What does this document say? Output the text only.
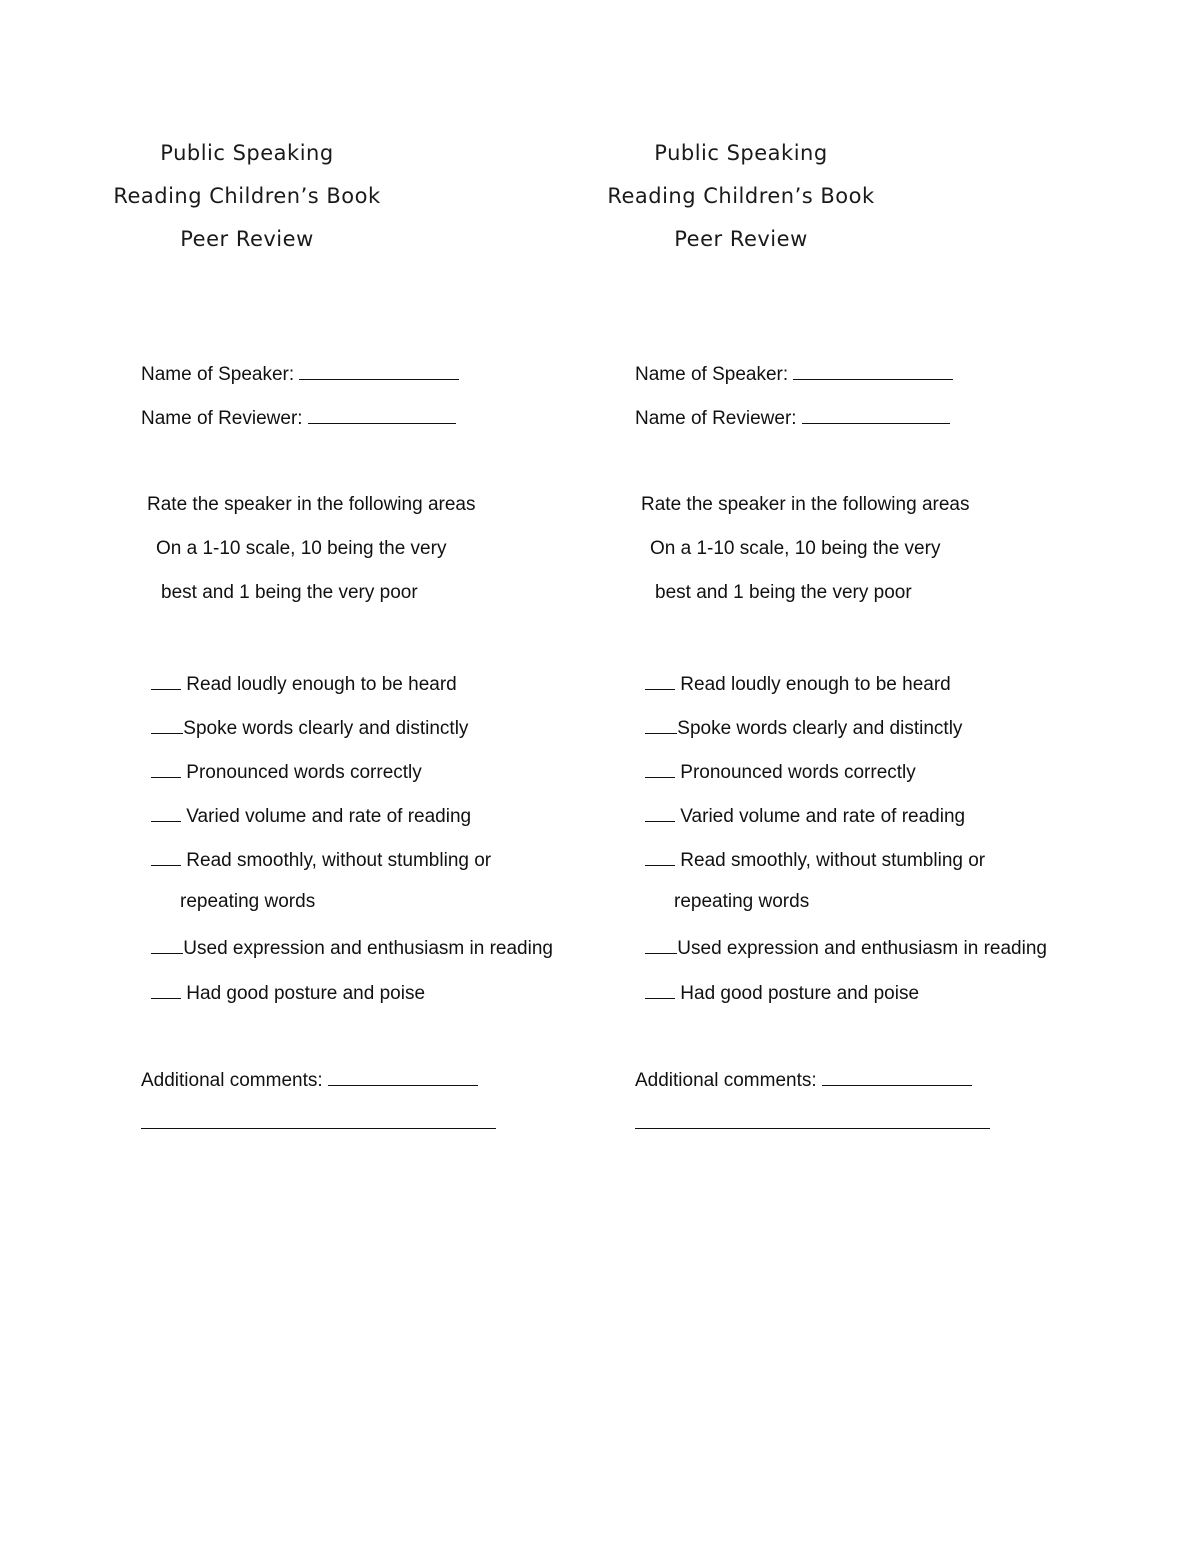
Public Speaking
Reading Children’s Book
Peer Review
Name of Speaker:
Name of Reviewer:
Rate the speaker in the following areas
On a 1-10 scale, 10 being the very
best and 1 being the very poor
Read loudly enough to be heard
Spoke words clearly and distinctly
Pronounced words correctly
Varied volume and rate of reading
Read smoothly, without stumbling or
repeating words
Used expression and enthusiasm in reading
Had good posture and poise
Additional comments:
Public Speaking
Reading Children’s Book
Peer Review
Name of Speaker:
Name of Reviewer:
Rate the speaker in the following areas
On a 1-10 scale, 10 being the very
best and 1 being the very poor
Read loudly enough to be heard
Spoke words clearly and distinctly
Pronounced words correctly
Varied volume and rate of reading
Read smoothly, without stumbling or
repeating words
Used expression and enthusiasm in reading
Had good posture and poise
Additional comments:
